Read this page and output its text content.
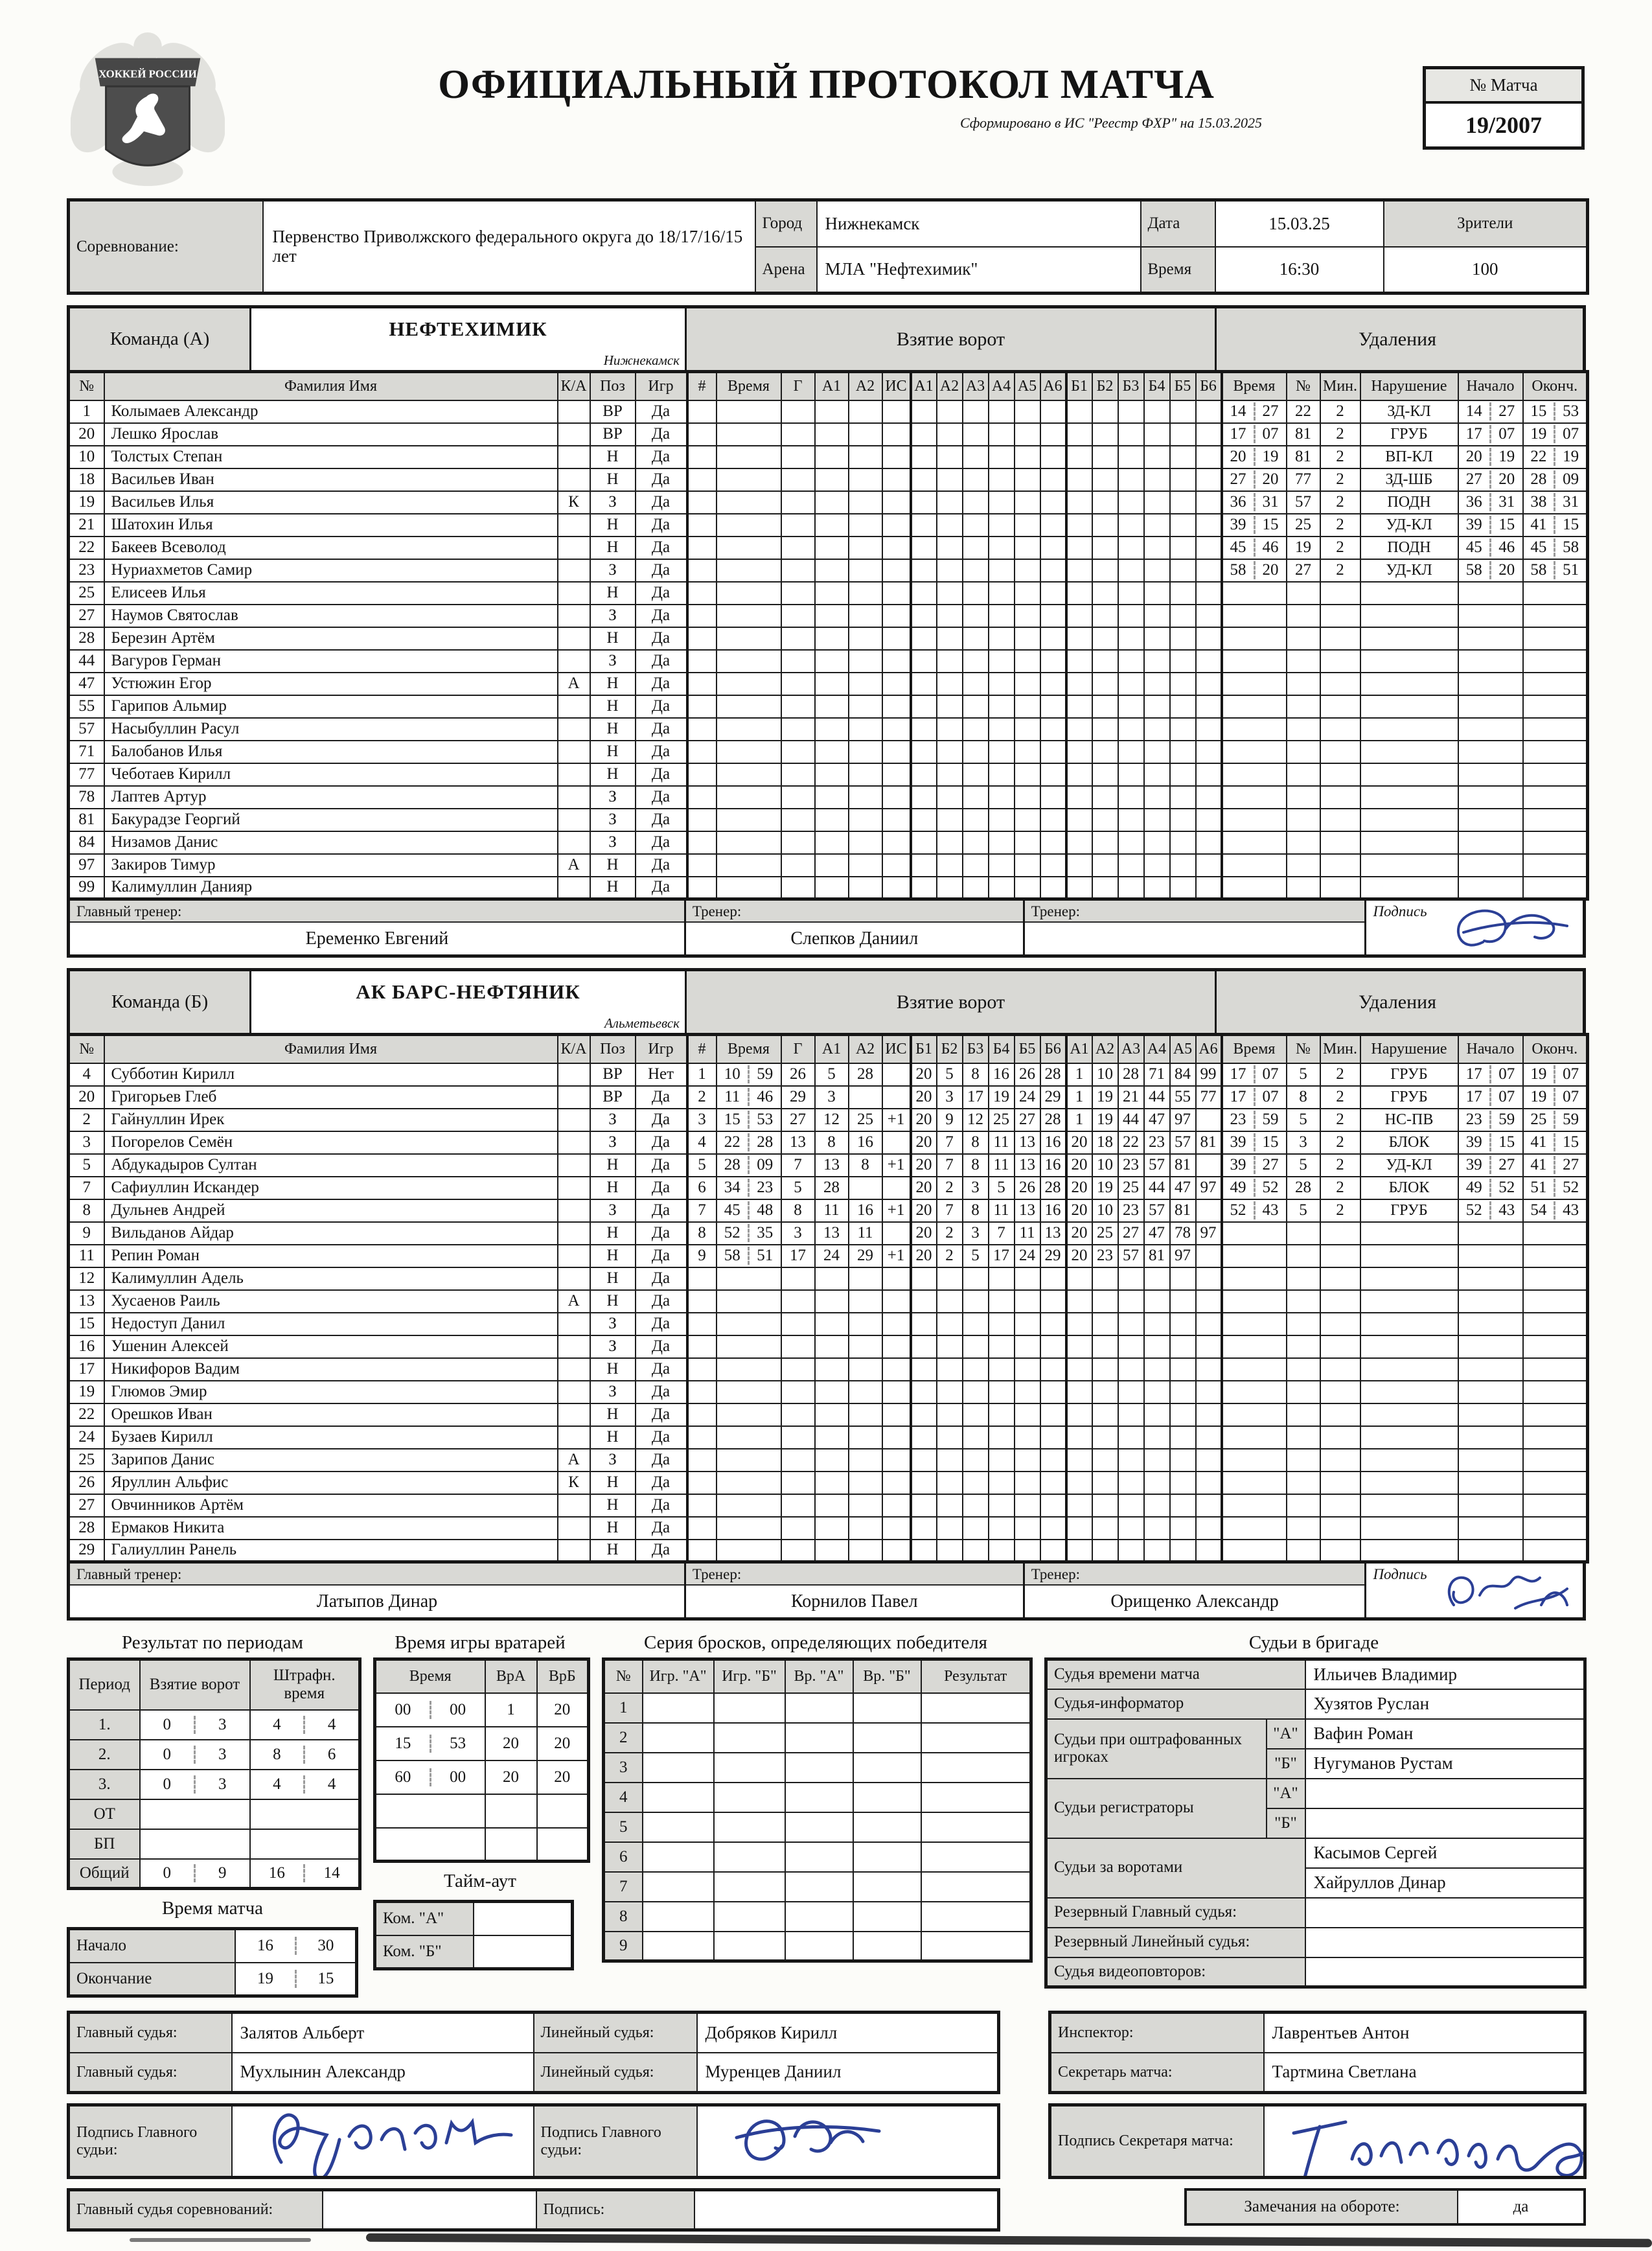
ХОККЕЙ РОССИИ	ОФИЦИАЛЬНЫЙ ПРОТОКОЛ МАТЧА
Сформировано в ИС "Реестр ФХР" на 15.03.2025
№ Матча
19/2007
Соревнование:	Первенство Приволжского федерального округа до 18/17/16/15 лет	Город	Нижнекамск	Дата	15.03.25	Зрители
		Арена	МЛА "Нефтехимик"	Время	16:30	100
Команда (А)	НЕФТЕХИМИК
Нижнекамск
Взятие ворот	Удаления
№	Фамилия Имя	К/А	Поз	Игр	#	Время	Г	А1	А2	ИС	А1	А2	А3	А4	А5	А6	Б1	Б2	Б3	Б4	Б5	Б6	Время	№	Мин.	Нарушение	Начало	Оконч.
1	Колымаев Александр		ВР	Да																			14 27	22	2	ЗД-КЛ	14 27	15 53

20	Лешко Ярослав		ВР	Да																			17 07	81	2	ГРУБ	17 07	19 07

10	Толстых Степан		Н	Да																			20 19	81	2	ВП-КЛ	20 19	22 19

18	Васильев Иван		Н	Да																			27 20	77	2	ЗД-ШБ	27 20	28 09

19	Васильев Илья	К	З	Да																			36 31	57	2	ПОДН	36 31	38 31

21	Шатохин Илья		Н	Да																			39 15	25	2	УД-КЛ	39 15	41 15

22	Бакеев Всеволод		Н	Да																			45 46	19	2	ПОДН	45 46	45 58

23	Нуриахметов Самир		З	Да																			58 20	27	2	УД-КЛ	58 20	58 51

25	Елисеев Илья		Н	Да		

27	Наумов Святослав		З	Да		

28	Березин Артём		Н	Да		

44	Вагуров Герман		З	Да		

47	Устюжин Егор	А	Н	Да		

55	Гарипов Альмир		Н	Да		

57	Насыбуллин Расул		Н	Да		

71	Балобанов Илья		Н	Да		

77	Чеботаев Кирилл		Н	Да		

78	Лаптев Артур		З	Да		

81	Бакурадзе Георгий		З	Да		

84	Низамов Данис		З	Да		

97	Закиров Тимур	А	Н	Да		

99	Калимуллин Данияр		Н	Да		

Главный тренер:
Еременко Евгений
Тренер:
Слепков Даниил
Тренер:	Подпись
Команда (Б)	АК БАРС-НЕФТЯНИК
Альметьевск
Взятие ворот	Удаления
№	Фамилия Имя	К/А	Поз	Игр	#	Время	Г	А1	А2	ИС	Б1	Б2	Б3	Б4	Б5	Б6	А1	А2	А3	А4	А5	А6	Время	№	Мин.	Нарушение	Начало	Оконч.
4	Субботин Кирилл		ВР	Нет	1	10 59	26	5	28		20	5	8	16	26	28	1	10	28	71	84	99	17 07	5	2	ГРУБ	17 07	19 07

20	Григорьев Глеб		ВР	Да	2	11 46	29	3			20	3	17	19	24	29	1	19	21	44	55	77	17 07	8	2	ГРУБ	17 07	19 07

2	Гайнуллин Ирек		З	Да	3	15 53	27	12	25	+1	20	9	12	25	27	28	1	19	44	47	97		23 59	5	2	НС-ПВ	23 59	25 59

3	Погорелов Семён		З	Да	4	22 28	13	8	16		20	7	8	11	13	16	20	18	22	23	57	81	39 15	3	2	БЛОК	39 15	41 15

5	Абдукадыров Султан		Н	Да	5	28 09	7	13	8	+1	20	7	8	11	13	16	20	10	23	57	81		39 27	5	2	УД-КЛ	39 27	41 27

7	Сафиуллин Искандер		Н	Да	6	34 23	5	28			20	2	3	5	26	28	20	19	25	44	47	97	49 52	28	2	БЛОК	49 52	51 52

8	Дульнев Андрей		З	Да	7	45 48	8	11	16	+1	20	7	8	11	13	16	20	10	23	57	81		52 43	5	2	ГРУБ	52 43	54 43

9	Вильданов Айдар		Н	Да	8	52 35	3	13	11		20	2	3	7	11	13	20	25	27	47	78	97	

11	Репин Роман		Н	Да	9	58 51	17	24	29	+1	20	2	5	17	24	29	20	23	57	81	97		

12	Калимуллин Адель		Н	Да		

13	Хусаенов Раиль	А	Н	Да		

15	Недоступ Данил		З	Да		

16	Ушенин Алексей		З	Да		

17	Никифоров Вадим		Н	Да		

19	Глюмов Эмир		З	Да		

22	Орешков Иван		Н	Да		

24	Бузаев Кирилл		Н	Да		

25	Зарипов Данис	А	З	Да		

26	Яруллин Альфис	К	Н	Да		

27	Овчинников Артём		Н	Да		

28	Ермаков Никита		Н	Да		

29	Галиуллин Ранель		Н	Да		

Главный тренер:
Латыпов Динар
Тренер:
Корнилов Павел
Тренер:
Орищенко Александр
Подпись
Результат по периодам
Период	Взятие ворот	Штрафн. время
1.	0 3	4 4

2.	0 3	8 6

3.	0 3	4 4

ОТ	

БП	

Общий	0 9	16 14
Время матча
Начало	16 30

Окончание	19 15
Время игры вратарей
Время	ВрА	ВрБ

00 00	1	20

15 53	20	20

60 00	20	20

Тайм-аут
Ком. "А"	

Ком. "Б"	
Серия бросков, определяющих победителя
№	Игр. "А"	Игр. "Б"	Вр. "А"	Вр. "Б"	Результат
1					
2					
3					
4					
5					
6					
7					
8					
9					
Судьи в бригаде
Судья времени матча		Ильичев Владимир
Судья-информатор		Хузятов Руслан
Судьи при оштрафованных игроках	"А"	Вафин Роман
	"Б"	Нугуманов Рустам
Судьи регистраторы	"А"	
	"Б"	
Судьи за воротами		Касымов Сергей
		Хайруллов Динар
Резервный Главный судья:		
Резервный Линейный судья:		
Судья видеоповторов:		
Главный судья:	Залятов Альберт	Линейный судья:	Добряков Кирилл
Главный судья:	Мухлынин Александр	Линейный судья:	Муренцев Даниил
Подпись Главного судьи:	
	Подпись Главного судьи:	
Главный судья соревнований:		Подпись:	
Инспектор:	Лаврентьев Антон
Секретарь матча:	Тартмина Светлана
Подпись Секретаря матча:	
Замечания на обороте:	да
